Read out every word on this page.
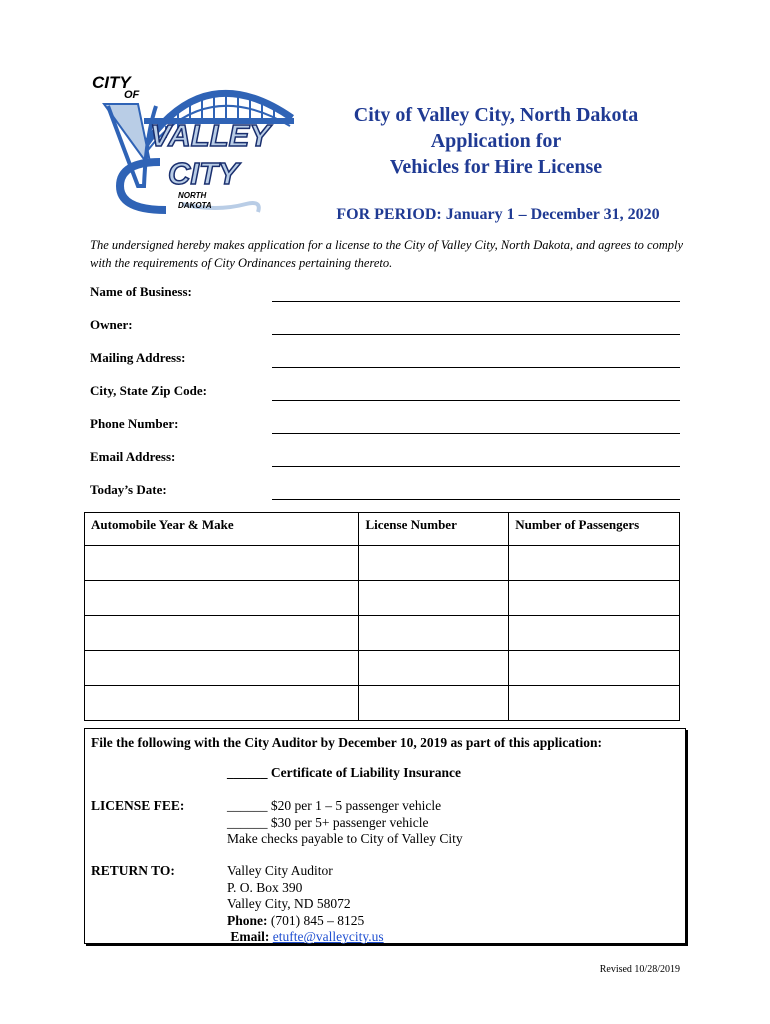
CITY
OF
VALLEY
CITY
NORTH
DAKOTA

City of Valley City, North Dakota

Application for

Vehicles for Hire License

FOR PERIOD: January 1 – December 31, 2020
The undersigned hereby makes application for a license to the City of Valley City, North Dakota, and agrees to comply with the requirements of City Ordinances pertaining thereto.
Name of Business:
Owner:
Mailing Address:
City, State Zip Code:
Phone Number:
Email Address:
Today’s Date:
Automobile Year & Make	License Number	Number of Passengers

File the following with the City Auditor by December 10, 2019 as part of this application:
______ Certificate of Liability Insurance
LICENSE FEE:	______ $20 per 1 – 5 passenger vehicle
______ $30 per 5+ passenger vehicle
Make checks payable to City of Valley City
RETURN TO:	Valley City Auditor
P. O. Box 390
Valley City, ND 58072
Phone: (701) 845 – 8125
Email: etufte@valleycity.us
Revised 10/28/2019
